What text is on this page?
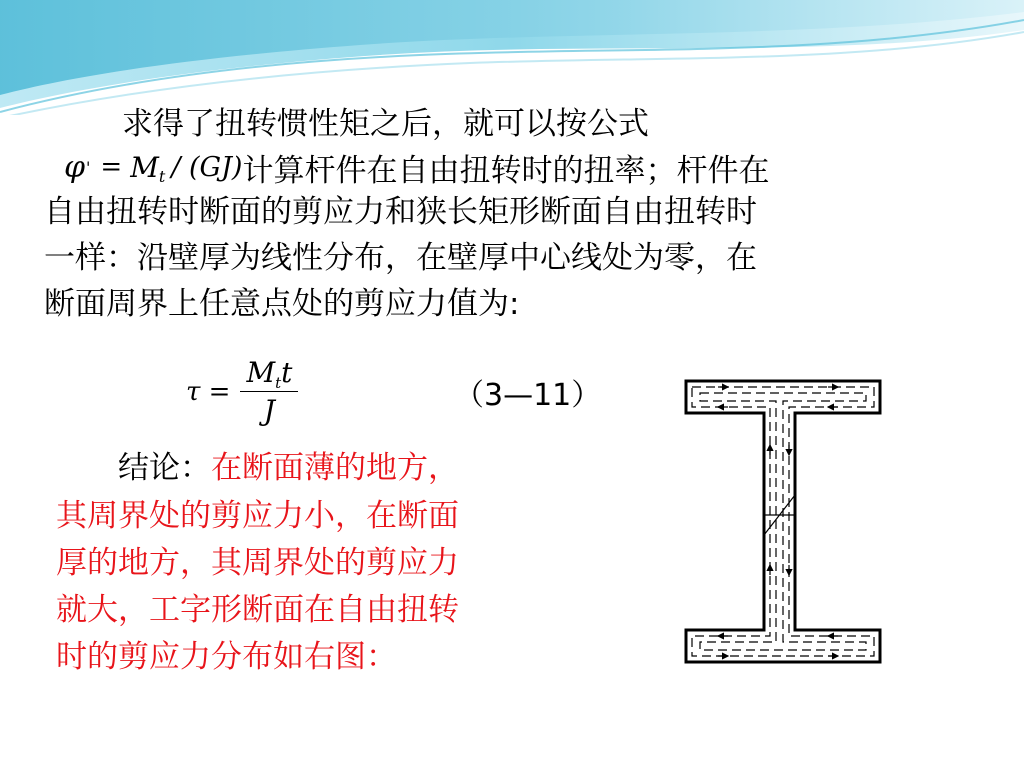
求得了扭转惯性矩之后，就可以按公式
φ ' = M t / (GJ) 计算杆件在自由扭转时的扭率；杆件在
自由扭转时断面的剪应力和狭长矩形断面自由扭转时
一样：沿壁厚为线性分布，在壁厚中心线处为零，在
断面周界上任意点处的剪应力值为:
$\tau = \frac{M_tt}{J}$	（3—11）
结论：在断面薄的地方，
其周界处的剪应力小，在断面
厚的地方，其周界处的剪应力
就大，工字形断面在自由扭转
时的剪应力分布如右图：
